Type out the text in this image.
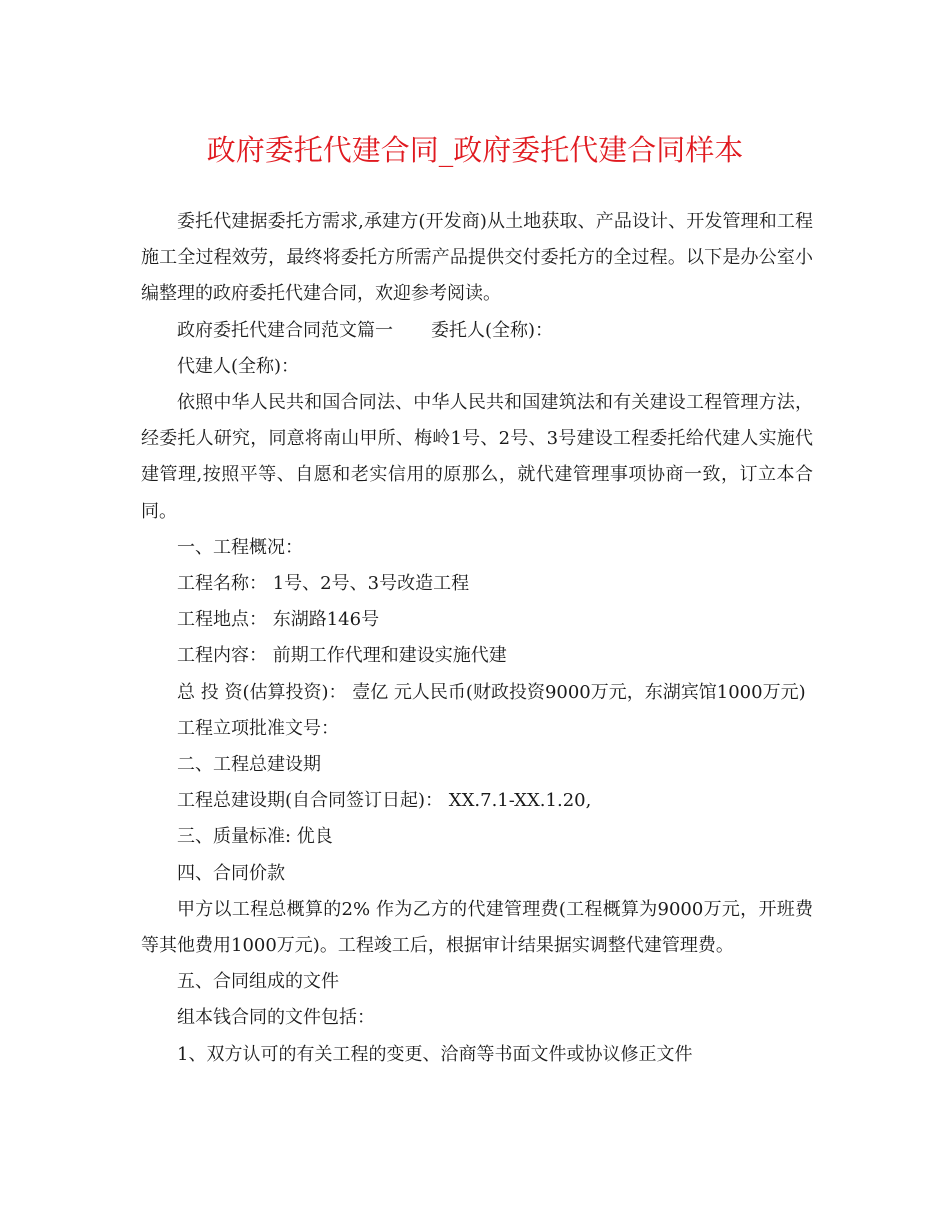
政府委托代建合同_政府委托代建合同样本

委托代建据委托方需求,承建方(开发商)从土地获取、产品设计、开发管理和工程施工全过程效劳，最终将委托方所需产品提供交付委托方的全过程。以下是办公室小编整理的政府委托代建合同，欢迎参考阅读。

政府委托代建合同范文篇一 委托人(全称)：

代建人(全称)：

依照中华人民共和国合同法、中华人民共和国建筑法和有关建设工程管理方法，经委托人研究，同意将南山甲所、梅岭1号、2号、3号建设工程委托给代建人实施代建管理,按照平等、自愿和老实信用的原那么，就代建管理事项协商一致，订立本合同。

一、工程概况：

工程名称： 1号、2号、3号改造工程

工程地点： 东湖路146号

工程内容： 前期工作代理和建设实施代建

总 投 资(估算投资)： 壹亿 元人民币(财政投资9000万元，东湖宾馆1000万元)

工程立项批准文号：

二、工程总建设期

工程总建设期(自合同签订日起)： XX.7.1-XX.1.20,

三、质量标准: 优良

四、合同价款

甲方以工程总概算的2% 作为乙方的代建管理费(工程概算为9000万元，开班费等其他费用1000万元)。工程竣工后，根据审计结果据实调整代建管理费。

五、合同组成的文件

组本钱合同的文件包括：

1、双方认可的有关工程的变更、洽商等书面文件或协议修正文件
